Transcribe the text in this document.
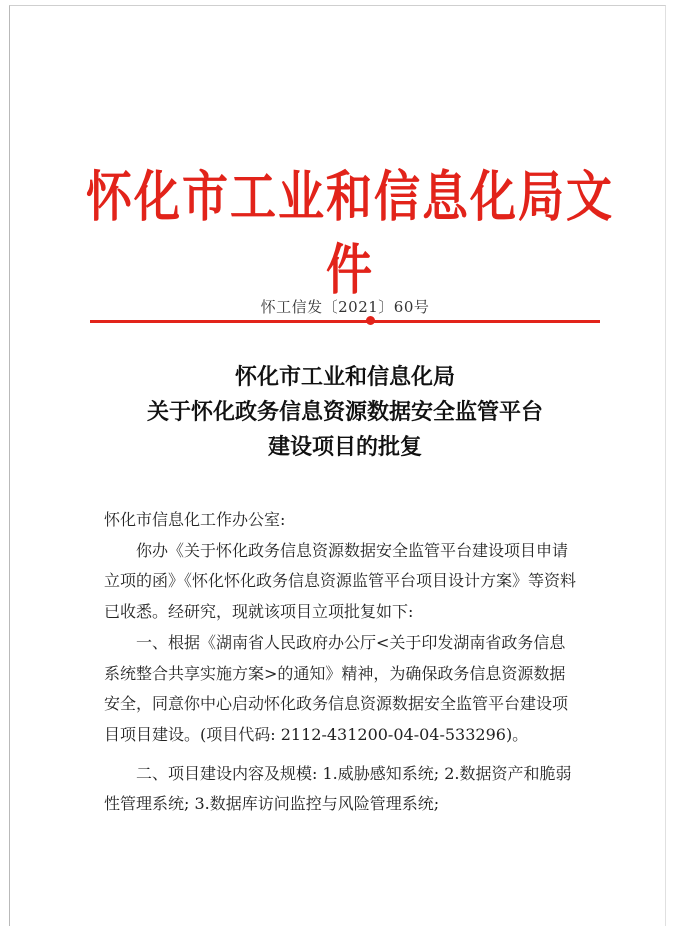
怀化市工业和信息化局文件
怀工信发〔2021〕60号
怀化市工业和信息化局
关于怀化政务信息资源数据安全监管平台
建设项目的批复

怀化市信息化工作办公室:

你办《关于怀化政务信息资源数据安全监管平台建设项目申请立项的函》《怀化怀化政务信息资源监管平台项目设计方案》等资料已收悉。经研究，现就该项目立项批复如下:

一、根据《湖南省人民政府办公厅<关于印发湖南省政务信息系统整合共享实施方案>的通知》精神，为确保政务信息资源数据安全，同意你中心启动怀化政务信息资源数据安全监管平台建设项目项目建设。(项目代码: 2112-431200-04-04-533296)。

二、项目建设内容及规模: 1.威胁感知系统; 2.数据资产和脆弱性管理系统; 3.数据库访问监控与风险管理系统;
